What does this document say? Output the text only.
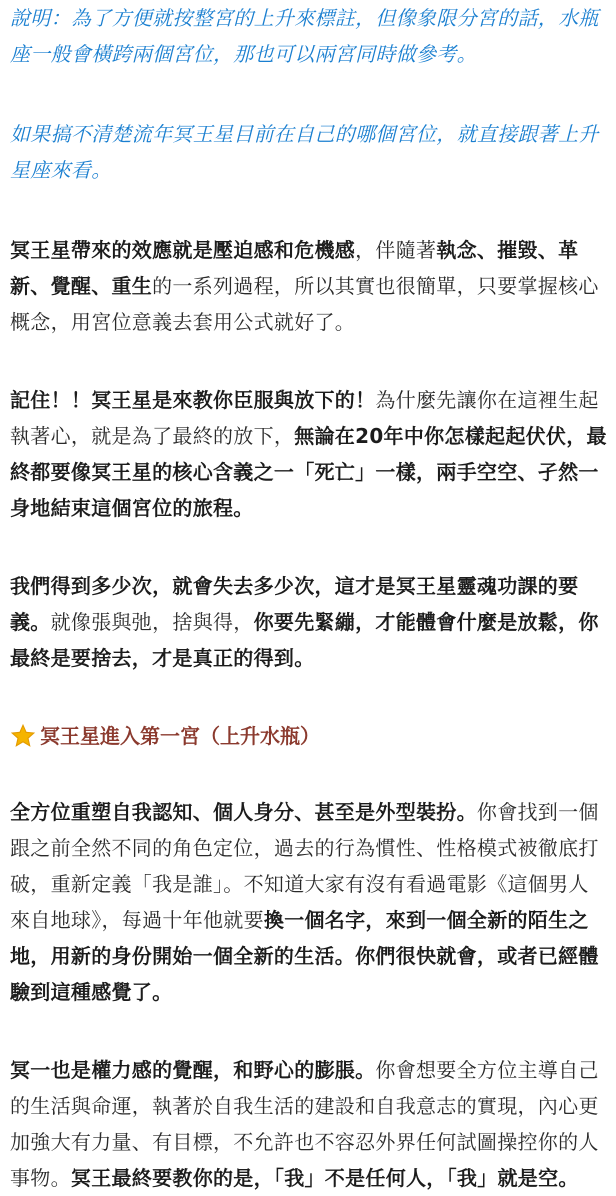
說明：為了方便就按整宮的上升來標註，但像象限分宮的話，水瓶座一般會橫跨兩個宮位，那也可以兩宮同時做參考。

如果搞不清楚流年冥王星目前在自己的哪個宮位，就直接跟著上升星座來看。

冥王星帶來的效應就是壓迫感和危機感，伴隨著執念、摧毀、革新、覺醒、重生的一系列過程，所以其實也很簡單，只要掌握核心概念，用宮位意義去套用公式就好了。

記住！！冥王星是來教你臣服與放下的！為什麼先讓你在這裡生起執著心，就是為了最終的放下，無論在20年中你怎樣起起伏伏，最終都要像冥王星的核心含義之一「死亡」一樣，兩手空空、孑然一身地結束這個宮位的旅程。

我們得到多少次，就會失去多少次，這才是冥王星靈魂功課的要義。就像張與弛，捨與得，你要先緊繃，才能體會什麼是放鬆，你最終是要捨去，才是真正的得到。

冥王星進入第一宮（上升水瓶）

全方位重塑自我認知、個人身分、甚至是外型裝扮。你會找到一個跟之前全然不同的角色定位，過去的行為慣性、性格模式被徹底打破，重新定義「我是誰」。不知道大家有沒有看過電影《這個男人來自地球》，每過十年他就要換一個名字，來到一個全新的陌生之地，用新的身份開始一個全新的生活。你們很快就會，或者已經體驗到這種感覺了。

冥一也是權力感的覺醒，和野心的膨脹。你會想要全方位主導自己的生活與命運，執著於自我生活的建設和自我意志的實現，內心更加強大有力量、有目標，不允許也不容忍外界任何試圖操控你的人事物。冥王最終要教你的是，「我」不是任何人，「我」就是空。
